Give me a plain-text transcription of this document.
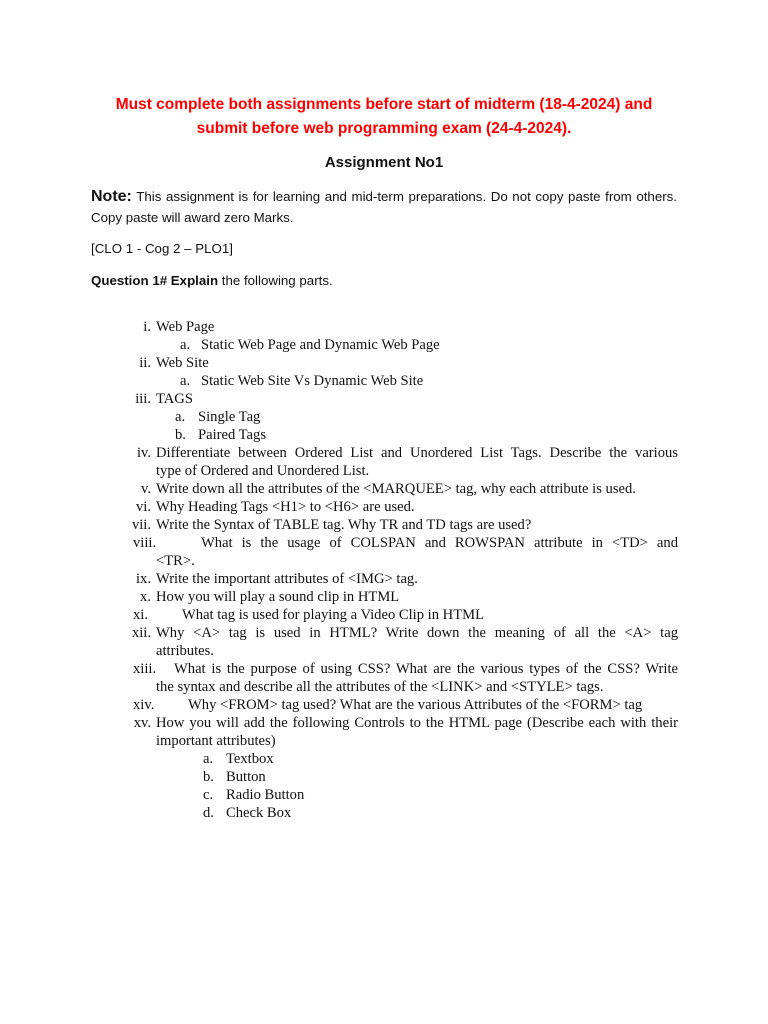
Must complete both assignments before start of midterm (18-4-2024) and
submit before web programming exam (24-4-2024).
Assignment No1
Note: This assignment is for learning and mid-term preparations. Do not copy paste from others. Copy paste will award zero Marks.
[CLO 1 - Cog 2 – PLO1]
Question 1# Explain the following parts.
i. Web Page
a. Static Web Page and Dynamic Web Page
ii. Web Site
a. Static Web Site Vs Dynamic Web Site
iii. TAGS
a. Single Tag
b. Paired Tags
iv. Differentiate between Ordered List and Unordered List Tags. Describe the various
type of Ordered and Unordered List.
v. Write down all the attributes of the <MARQUEE> tag, why each attribute is used.
vi. Why Heading Tags <H1> to <H6> are used.
vii. Write the Syntax of TABLE tag. Why TR and TD tags are used?
viii.	What is the usage of COLSPAN and ROWSPAN attribute in <TD> and
<TR>.
ix. Write the important attributes of <IMG> tag.
x. How you will play a sound clip in HTML
xi. What tag is used for playing a Video Clip in HTML
xii. Why <A> tag is used in HTML? Write down the meaning of all the <A> tag
attributes.
xiii. What is the purpose of using CSS? What are the various types of the CSS? Write
the syntax and describe all the attributes of the <LINK> and <STYLE> tags.
xiv. Why <FROM> tag used? What are the various Attributes of the <FORM> tag
xv. How you will add the following Controls to the HTML page (Describe each with their
important attributes)
a. Textbox
b. Button
c. Radio Button
d. Check Box
